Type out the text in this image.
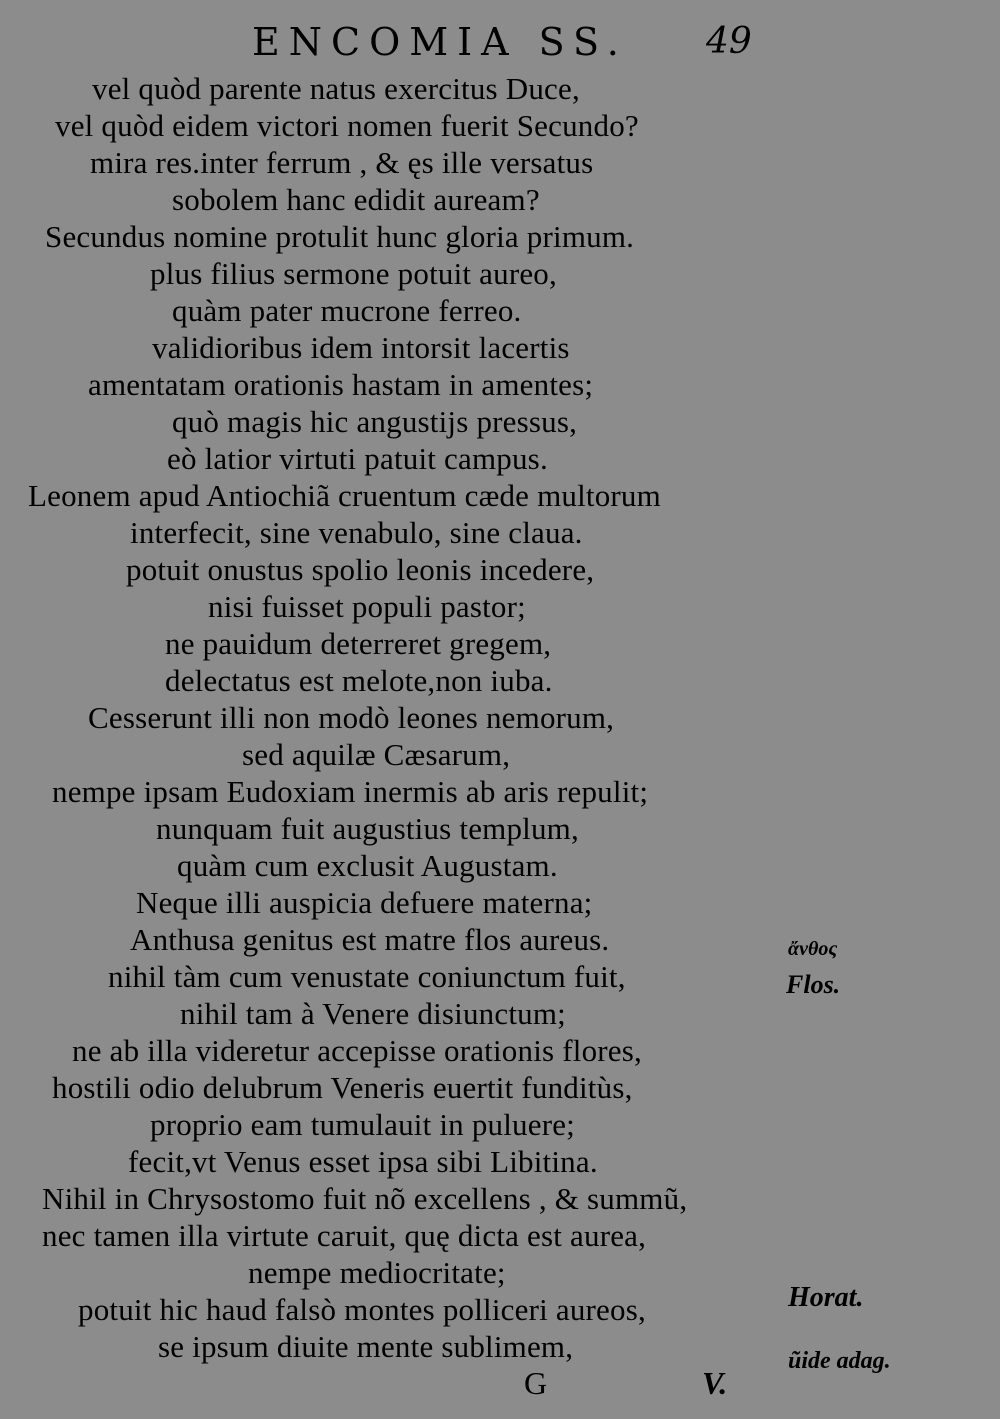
ENCOMIA SS. 49
vel quòd parente natus exercitus Duce,
vel quòd eidem victori nomen fuerit Secundo?
mira res.inter ferrum , & ęs ille versatus
sobolem hanc edidit auream?
Secundus nomine protulit hunc gloria primum.
plus filius sermone potuit aureo,
quàm pater mucrone ferreo.
validioribus idem intorsit lacertis
amentatam orationis hastam in amentes;
quò magis hic angustijs pressus,
eò latior virtuti patuit campus.
Leonem apud Antiochiã cruentum cæde multorum
interfecit, sine venabulo, sine claua.
potuit onustus spolio leonis incedere,
nisi fuisset populi pastor;
ne pauidum deterreret gregem,
delectatus est melote,non iuba.
Cesserunt illi non modò leones nemorum,
sed aquilæ Cæsarum,
nempe ipsam Eudoxiam inermis ab aris repulit;
nunquam fuit augustius templum,
quàm cum exclusit Augustam.
Neque illi auspicia defuere materna;
Anthusa genitus est matre flos aureus.
nihil tàm cum venustate coniunctum fuit,
nihil tam à Venere disiunctum;
ne ab illa videretur accepisse orationis flores,
hostili odio delubrum Veneris euertit funditùs,
proprio eam tumulauit in puluere;
fecit,vt Venus esset ipsa sibi Libitina.
Nihil in Chrysostomo fuit nõ excellens , & summũ,
nec tamen illa virtute caruit, quę dicta est aurea,
nempe mediocritate;
potuit hic haud falsò montes polliceri aureos,
se ipsum diuite mente sublimem,
ἄνθος
Flos.
Horat.
ũide adag.
G	V.
